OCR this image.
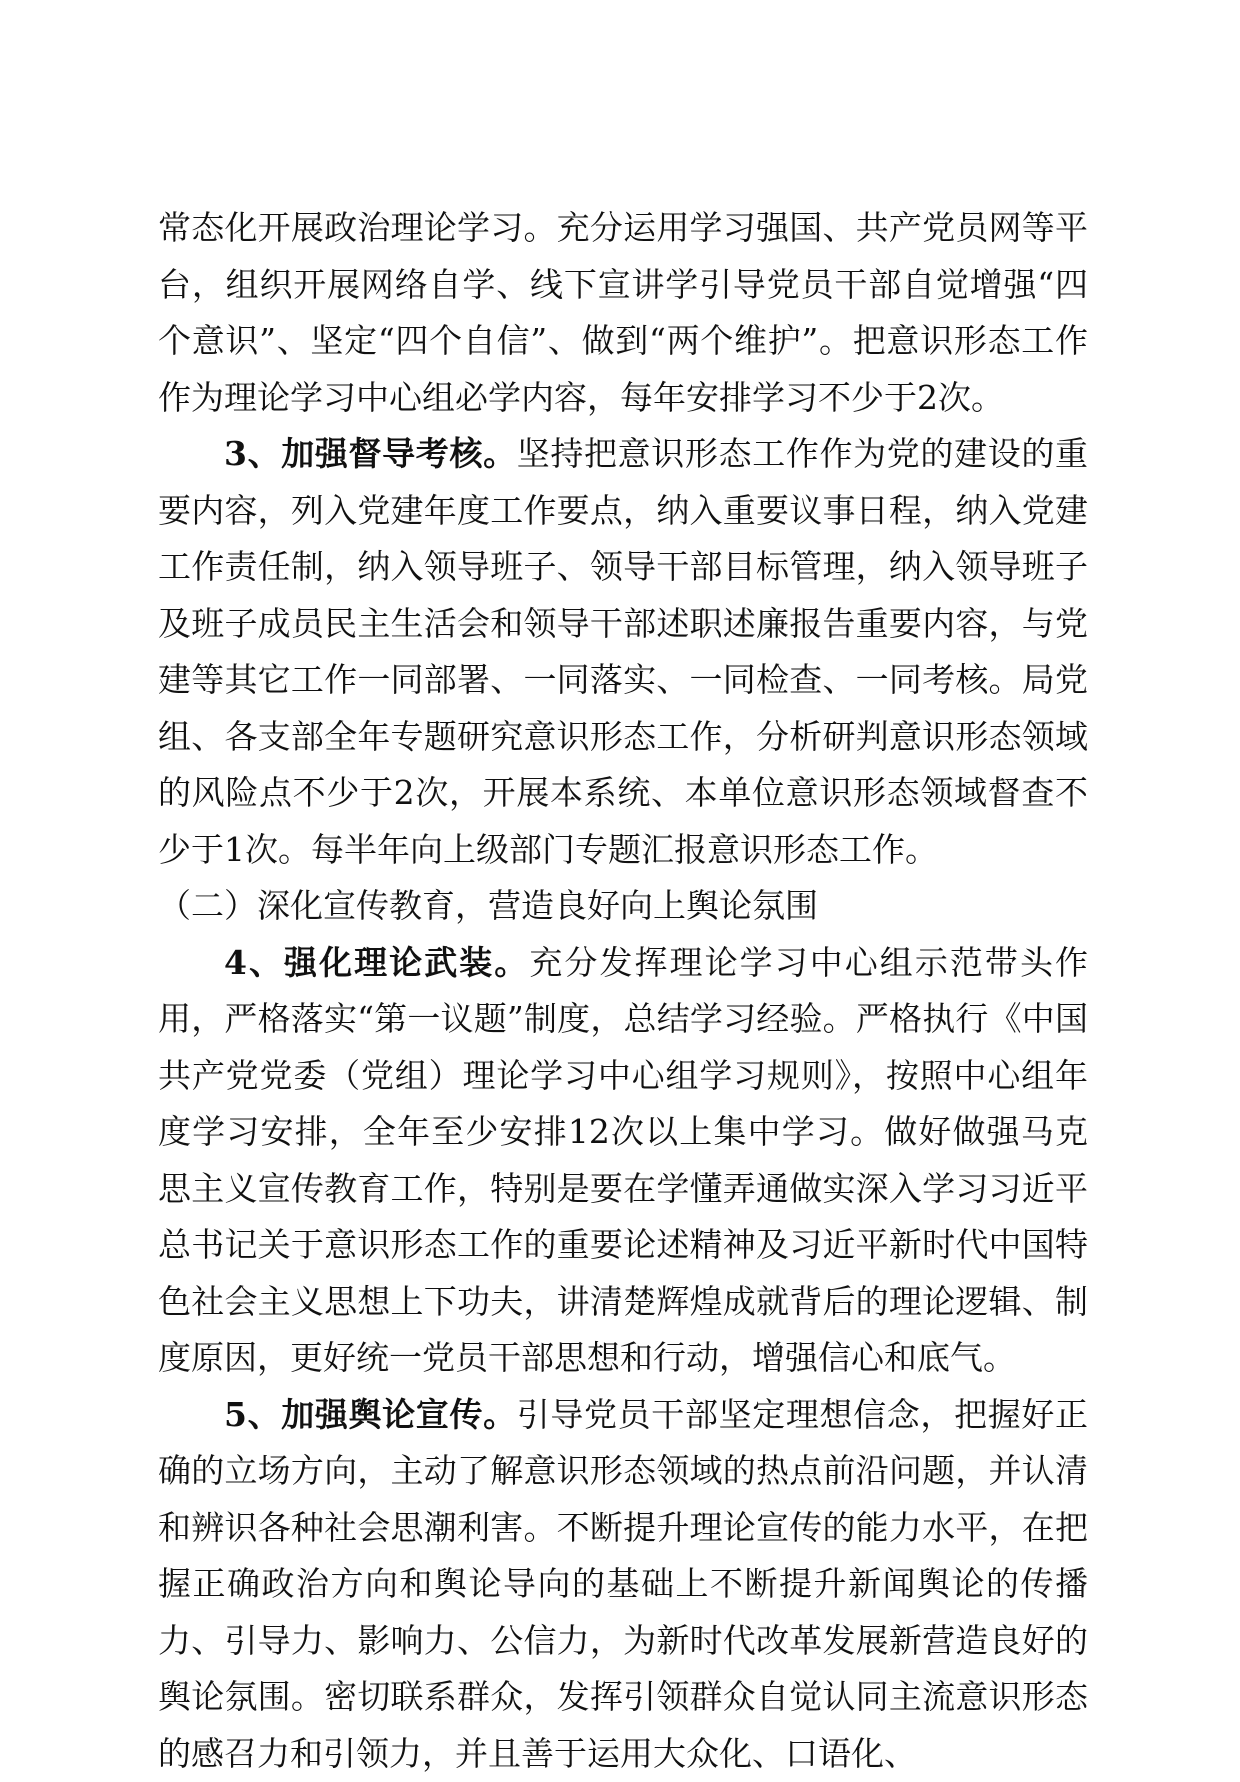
常态化开展政治理论学习。充分运用学习强国、共产党员网等平台，组织开展网络自学、线下宣讲学引导党员干部自觉增强“四个意识”、坚定“四个自信”、做到“两个维护”。把意识形态工作作为理论学习中心组必学内容，每年安排学习不少于2次。

3、加强督导考核。坚持把意识形态工作作为党的建设的重要内容，列入党建年度工作要点，纳入重要议事日程，纳入党建工作责任制，纳入领导班子、领导干部目标管理，纳入领导班子及班子成员民主生活会和领导干部述职述廉报告重要内容，与党建等其它工作一同部署、一同落实、一同检查、一同考核。局党组、各支部全年专题研究意识形态工作，分析研判意识形态领域的风险点不少于2次，开展本系统、本单位意识形态领域督查不少于1次。每半年向上级部门专题汇报意识形态工作。

（二）深化宣传教育，营造良好向上舆论氛围

4、强化理论武装。充分发挥理论学习中心组示范带头作用，严格落实“第一议题”制度，总结学习经验。严格执行《中国共产党党委（党组）理论学习中心组学习规则》，按照中心组年度学习安排，全年至少安排12次以上集中学习。做好做强马克思主义宣传教育工作，特别是要在学懂弄通做实深入学习习近平总书记关于意识形态工作的重要论述精神及习近平新时代中国特色社会主义思想上下功夫，讲清楚辉煌成就背后的理论逻辑、制度原因，更好统一党员干部思想和行动，增强信心和底气。

5、加强舆论宣传。引导党员干部坚定理想信念，把握好正确的立场方向，主动了解意识形态领域的热点前沿问题，并认清和辨识各种社会思潮利害。不断提升理论宣传的能力水平，在把握正确政治方向和舆论导向的基础上不断提升新闻舆论的传播力、引导力、影响力、公信力，为新时代改革发展新营造良好的舆论氛围。密切联系群众，发挥引领群众自觉认同主流意识形态的感召力和引领力，并且善于运用大众化、口语化、
